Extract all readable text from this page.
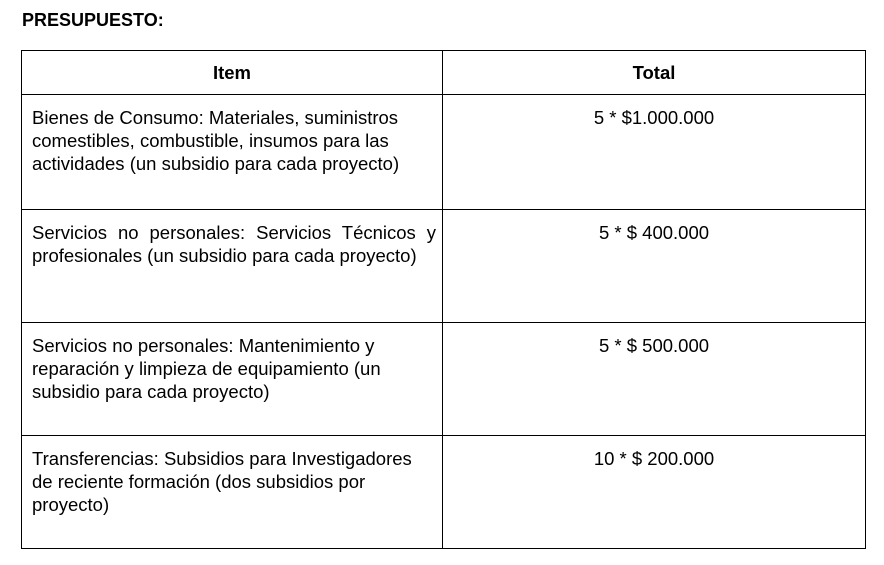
PRESUPUESTO:
Item	Total
Bienes de Consumo: Materiales, suministros comestibles, combustible, insumos para las actividades (un subsidio para cada proyecto)	5 * $1.000.000
Servicios no personales: Servicios Técnicos y profesionales (un subsidio para cada proyecto)	5 * $ 400.000
Servicios no personales: Mantenimiento y reparación y limpieza de equipamiento (un subsidio para cada proyecto)	5 * $ 500.000
Transferencias: Subsidios para Investigadores de reciente formación (dos subsidios por proyecto)	10 * $ 200.000
